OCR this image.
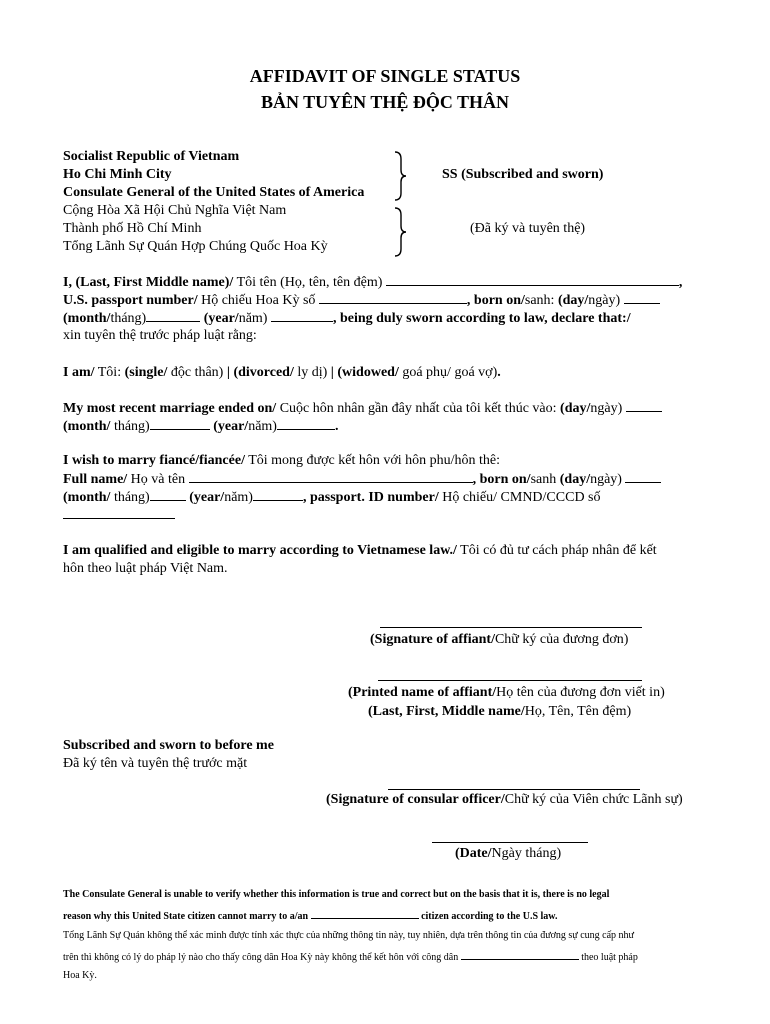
AFFIDAVIT OF SINGLE STATUS
BẢN TUYÊN THỆ ĐỘC THÂN
Socialist Republic of Vietnam
Ho Chi Minh City
Consulate General of the United States of America
Cộng Hòa Xã Hội Chủ Nghĩa Việt Nam
Thành phố Hồ Chí Minh
Tổng Lãnh Sự Quán Hợp Chúng Quốc Hoa Kỳ
SS (Subscribed and sworn)
(Đã ký và tuyên thệ)
I, (Last, First Middle name)/ Tôi tên (Họ, tên, tên đệm)	,
U.S. passport number/ Hộ chiếu Hoa Kỳ số	, born on/sanh: (day/ngày)
(month/tháng)	(year/năm)	, being duly sworn according to law, declare that:/
xin tuyên thệ trước pháp luật rằng:
I am/ Tôi: (single/ độc thân) | (divorced/ ly dị) | (widowed/ goá phụ/ goá vợ).
My most recent marriage ended on/ Cuộc hôn nhân gần đây nhất của tôi kết thúc vào: (day/ngày)
(month/ tháng)	(year/năm)	.
I wish to marry fiancé/fiancée/ Tôi mong được kết hôn với hôn phu/hôn thê:
Full name/ Họ và tên	, born on/sanh (day/ngày)
(month/ tháng)	(year/năm)	, passport. ID number/ Hộ chiếu/ CMND/CCCD số
I am qualified and eligible to marry according to Vietnamese law./ Tôi có đủ tư cách pháp nhân để kết
hôn theo luật pháp Việt Nam.
(Signature of affiant/Chữ ký của đương đơn)
(Printed name of affiant/Họ tên của đương đơn viết in)
(Last, First, Middle name/Họ, Tên, Tên đệm)
Subscribed and sworn to before me
Đã ký tên và tuyên thệ trước mặt
(Signature of consular officer/Chữ ký của Viên chức Lãnh sự)
(Date/Ngày tháng)
The Consulate General is unable to verify whether this information is true and correct but on the basis that it is, there is no legal
reason why this United State citizen cannot marry to a/an	citizen according to the U.S law.
Tổng Lãnh Sự Quán không thể xác minh được tính xác thực của những thông tin này, tuy nhiên, dựa trên thông tin của đương sự cung cấp như
trên thì không có lý do pháp lý nào cho thấy công dân Hoa Kỳ này không thể kết hôn với công dân	theo luật pháp
Hoa Kỳ.
